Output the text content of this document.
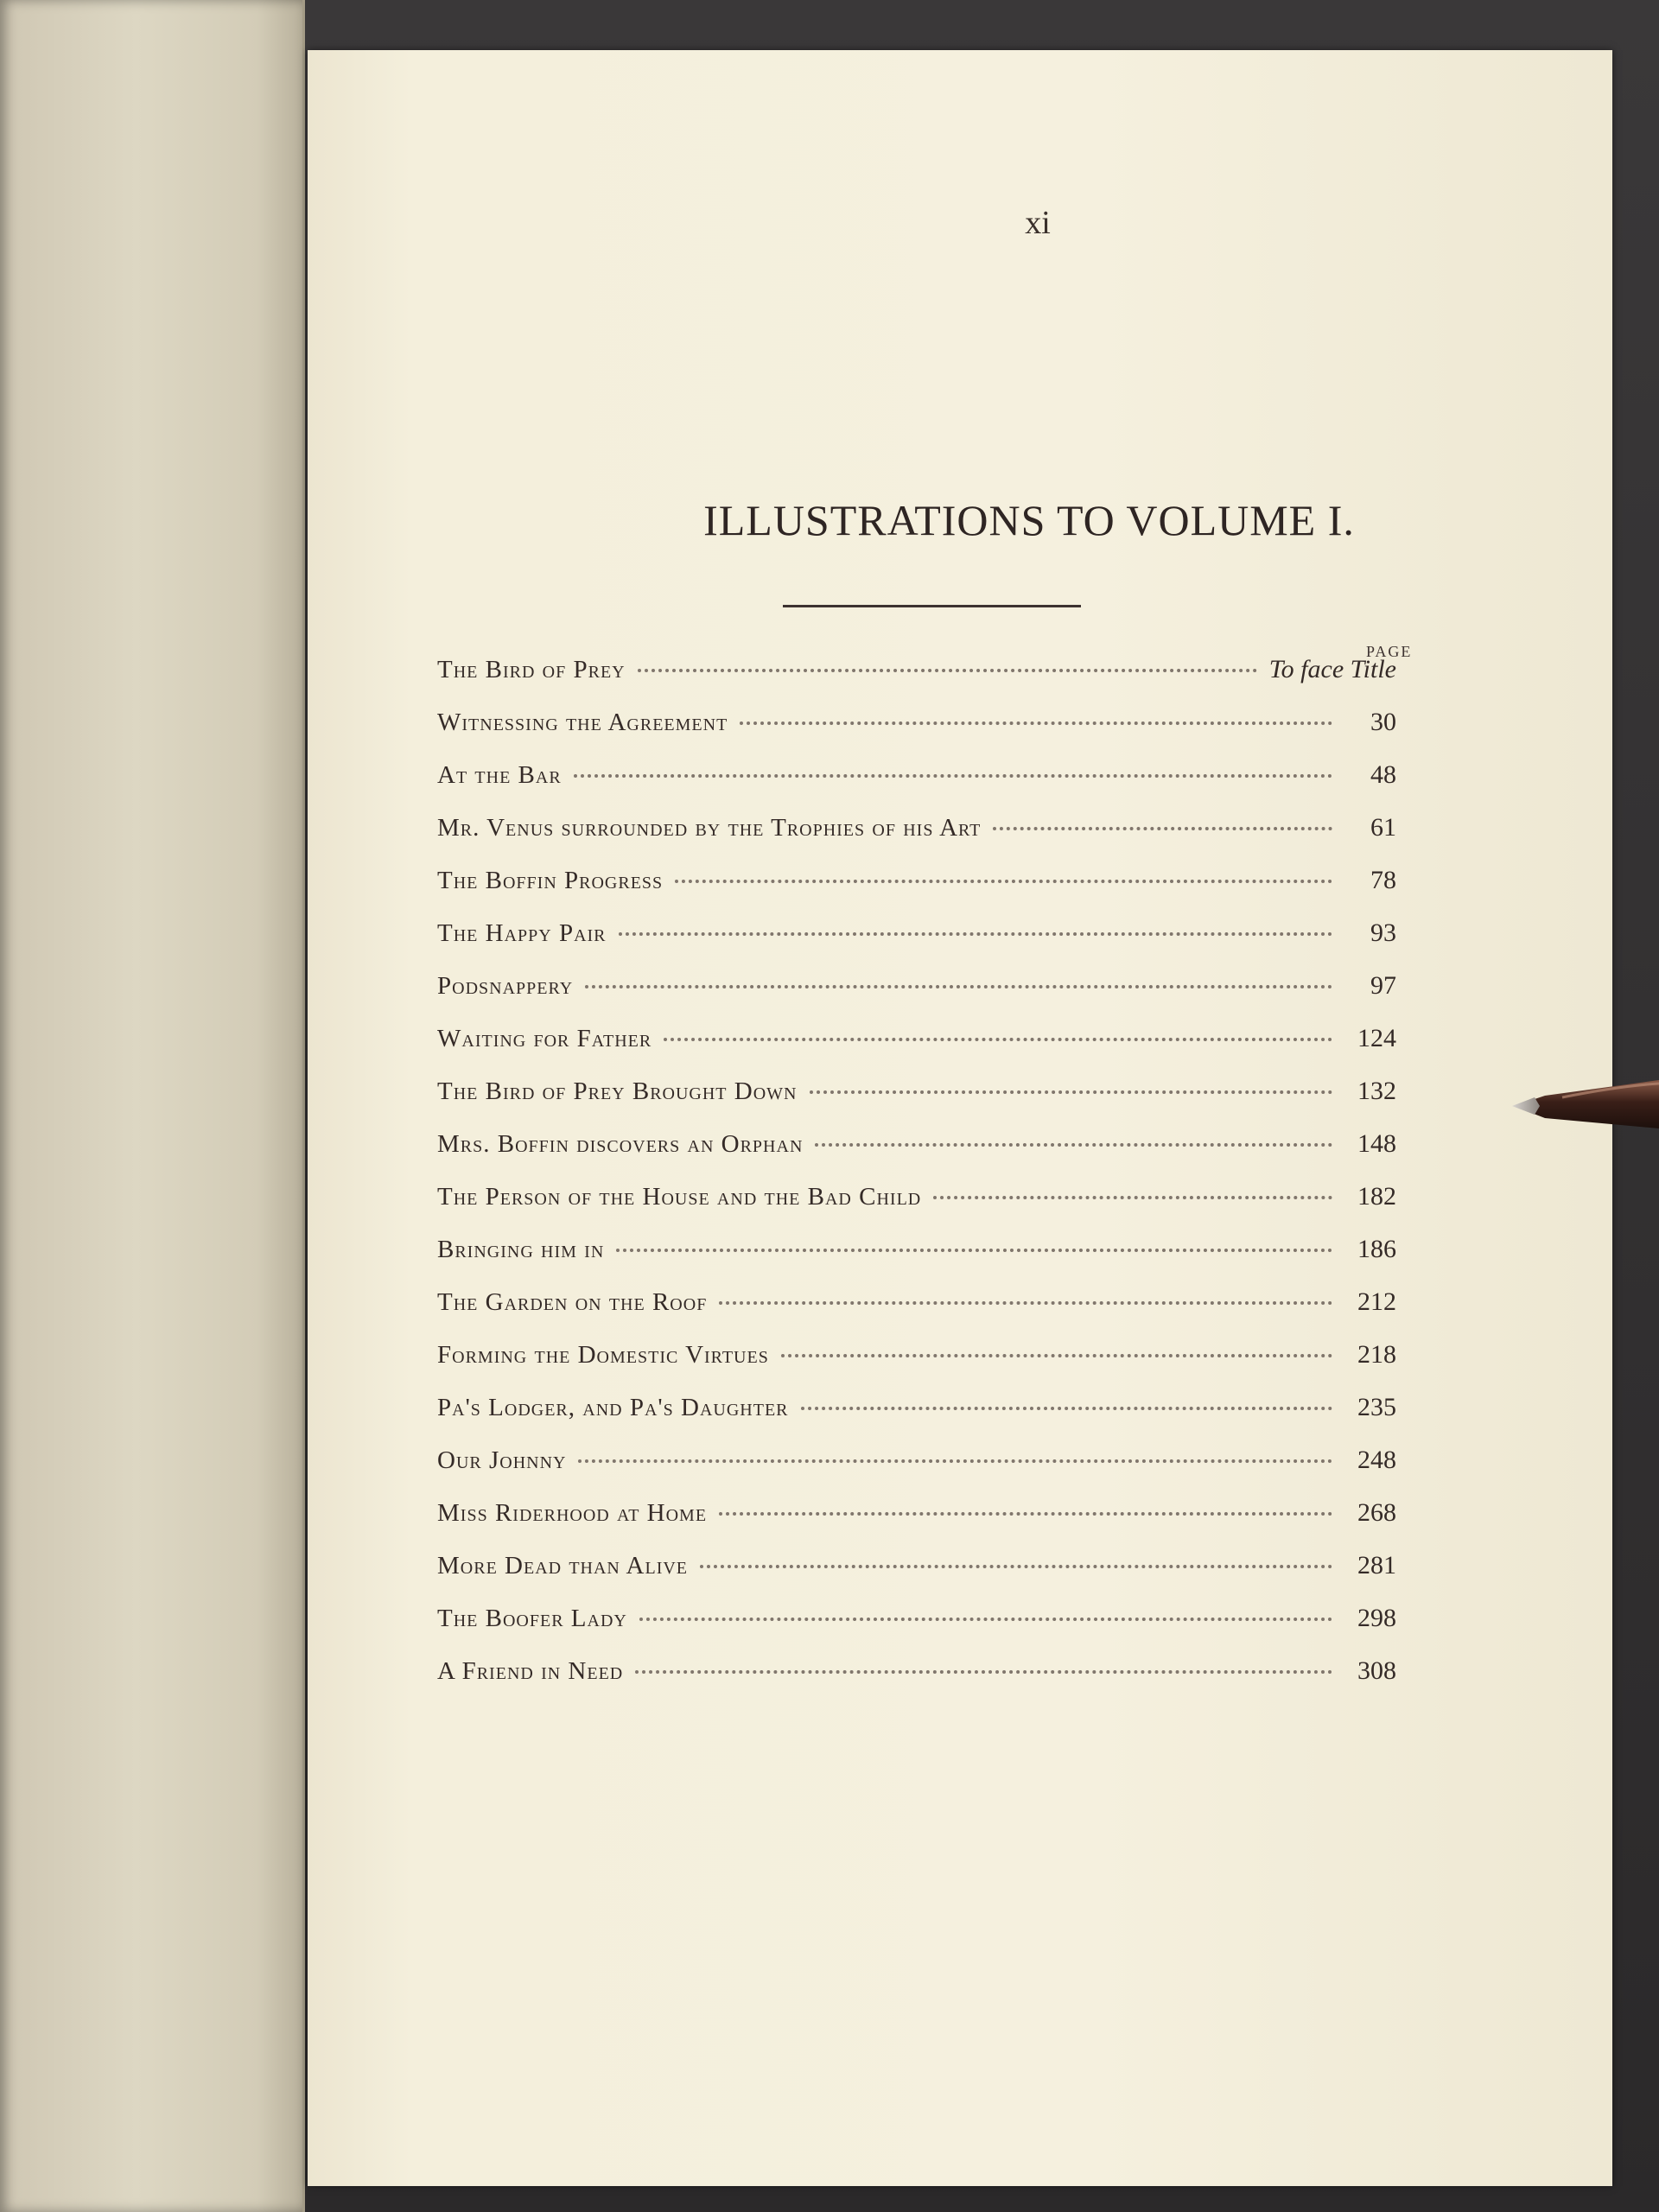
xi
ILLUSTRATIONS TO VOLUME I.
PAGE
The Bird of Prey	To face Title
Witnessing the Agreement	30
At the Bar	48
Mr. Venus surrounded by the Trophies of his Art	61
The Boffin Progress	78
The Happy Pair	93
Podsnappery	97
Waiting for Father	124
The Bird of Prey Brought Down	132
Mrs. Boffin discovers an Orphan	148
The Person of the House and the Bad Child	182
Bringing him in	186
The Garden on the Roof	212
Forming the Domestic Virtues	218
Pa's Lodger, and Pa's Daughter	235
Our Johnny	248
Miss Riderhood at Home	268
More Dead than Alive	281
The Boofer Lady	298
A Friend in Need	308
